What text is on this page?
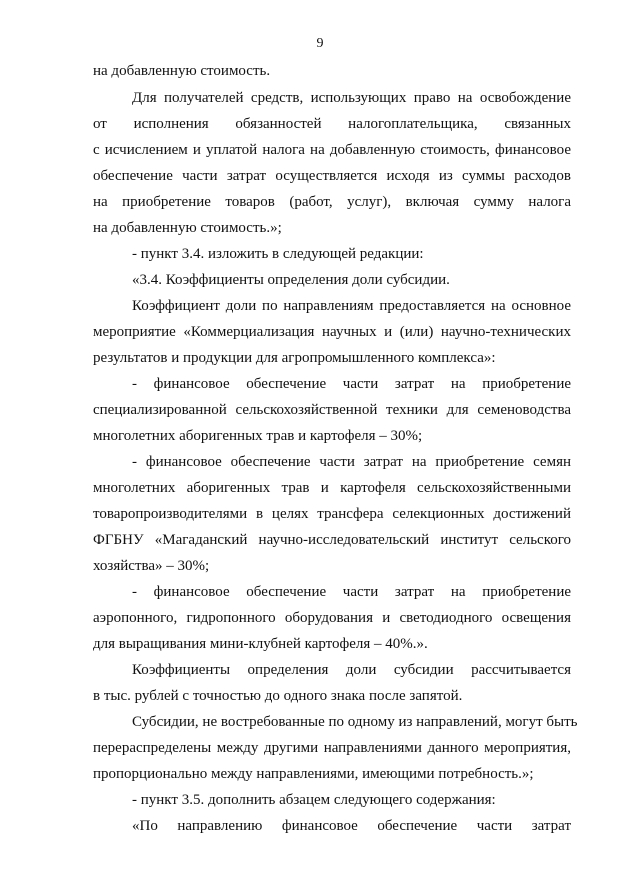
9
на добавленную стоимость.
Для получателей средств, использующих право на освобождение
от исполнения обязанностей налогоплательщика, связанных
с исчислением и уплатой налога на добавленную стоимость, финансовое
обеспечение части затрат осуществляется исходя из суммы расходов
на приобретение товаров (работ, услуг), включая сумму налога
на добавленную стоимость.»;
- пункт 3.4. изложить в следующей редакции:
«3.4. Коэффициенты определения доли субсидии.
Коэффициент доли по направлениям предоставляется на основное
мероприятие «Коммерциализация научных и (или) научно-технических
результатов и продукции для агропромышленного комплекса»:
- финансовое обеспечение части затрат на приобретение
специализированной сельскохозяйственной техники для семеноводства
многолетних аборигенных трав и картофеля – 30%;
- финансовое обеспечение части затрат на приобретение семян
многолетних аборигенных трав и картофеля сельскохозяйственными
товаропроизводителями в целях трансфера селекционных достижений
ФГБНУ «Магаданский научно-исследовательский институт сельского
хозяйства» – 30%;
- финансовое обеспечение части затрат на приобретение
аэропонного, гидропонного оборудования и светодиодного освещения
для выращивания мини-клубней картофеля – 40%.».
Коэффициенты определения доли субсидии рассчитывается
в тыс. рублей с точностью до одного знака после запятой.
Субсидии, не востребованные по одному из направлений, могут быть
перераспределены между другими направлениями данного мероприятия,
пропорционально между направлениями, имеющими потребность.»;
- пункт 3.5. дополнить абзацем следующего содержания:
«По направлению финансовое обеспечение части затрат
